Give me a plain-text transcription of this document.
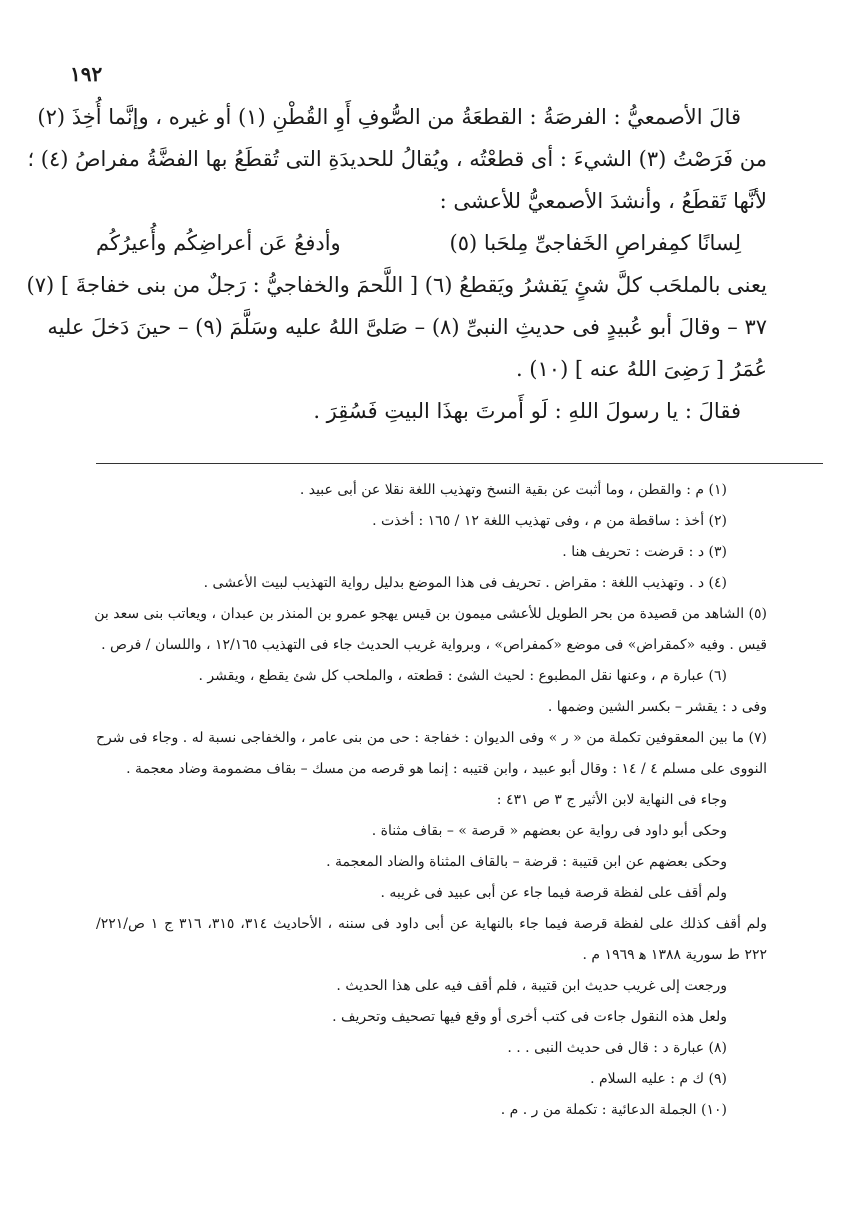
١٩٢
قالَ الأصمعيُّ : الفرصَةُ : القطعَةُ من الصُّوفِ أَوِ القُطْنِ (١) أو غيره ، وإنَّما أُخِذَ (٢)
من فَرَصْتُ (٣) الشيءَ : أى قطعْتُه ، ويُقالُ للحديدَةِ التى تُقطَعُ بها الفضَّةُ مفراصُ (٤) ؛
لأنَّها تَقطَعُ ، وأنشدَ الأصمعيُّ للأعشى :
وأدفعُ عَن أعراضِكُم وأُعيرُكُم	لِسانًا كمِفراصِ الخَفاجىِّ مِلحَبا (٥)
يعنى بالملحَب كلَّ شئٍ يَقشرُ ويَقطعُ (٦) [ اللَّحمَ والخفاجيُّ : رَجلٌ من بنى خفاجةَ ] (٧)
٣٧ – وقالَ أبو عُبيدٍ فى حديثِ النبىِّ (٨) – صَلىَّ اللهُ عليه وسَلَّمَ (٩) – حينَ دَخلَ عليه
عُمَرُ [ رَضِىَ اللهُ عنه ] (١٠) .
فقالَ : يا رسولَ اللهِ : لَو أَمرتَ بهذَا البيتِ فَسُقِرَ .
(١) م : والقطن ، وما أثبت عن بقية النسخ وتهذيب اللغة نقلا عن أبى عبيد .
(٢) أخذ : ساقطة من م ، وفى تهذيب اللغة ١٢ / ١٦٥ : أخذت .
(٣) د : قرضت : تحريف هنا .
(٤) د . وتهذيب اللغة : مقراض . تحريف فى هذا الموضع بدليل رواية التهذيب لبيت الأعشى .
(٥) الشاهد من قصيدة من بحر الطويل للأعشى ميمون بن قيس يهجو عمرو بن المنذر بن عبدان ، ويعاتب بنى سعد بن
قيس . وفيه «كمقراض» فى موضع «كمفراص» ، وبرواية غريب الحديث جاء فى التهذيب ١٢/١٦٥ ، واللسان / فرص .
(٦) عبارة م ، وعنها نقل المطبوع : لحيث الشئ : قطعته ، والملحب كل شئ يقطع ، ويقشر .
وفى د : يقشر – بكسر الشين وضمها .
(٧) ما بين المعقوفين تكملة من « ر » وفى الديوان : خفاجة : حى من بنى عامر ، والخفاجى نسبة له . وجاء فى شرح
النووى على مسلم ٤ / ١٤ : وقال أبو عبيد ، وابن قتيبه : إنما هو قرصه من مسك – بقاف مضمومة وضاد معجمة .
وجاء فى النهاية لابن الأثير ج ٣ ص ٤٣١ :
وحكى أبو داود فى رواية عن بعضهم « قرصة » – بقاف مثناة .
وحكى بعضهم عن ابن قتيبة : قرضة – بالقاف المثناة والضاد المعجمة .
ولم أقف على لفظة قرصة فيما جاء عن أبى عبيد فى غريبه .
ولم أقف كذلك على لفظة قرصة فيما جاء بالنهاية عن أبى داود فى سننه ، الأحاديث ٣١٤، ٣١٥، ٣١٦ ج ١ ص/٢٢١/
٢٢٢ ط سورية ١٣٨٨ ﻫ ١٩٦٩ م .
ورجعت إلى غريب حديث ابن قتيبة ، فلم أقف فيه على هذا الحديث .
ولعل هذه النقول جاءت فى كتب أخرى أو وقع فيها تصحيف وتحريف .
(٨) عبارة د : قال فى حديث النبى . . .
(٩) ك م : عليه السلام .
(١٠) الجملة الدعائية : تكملة من ر . م .
